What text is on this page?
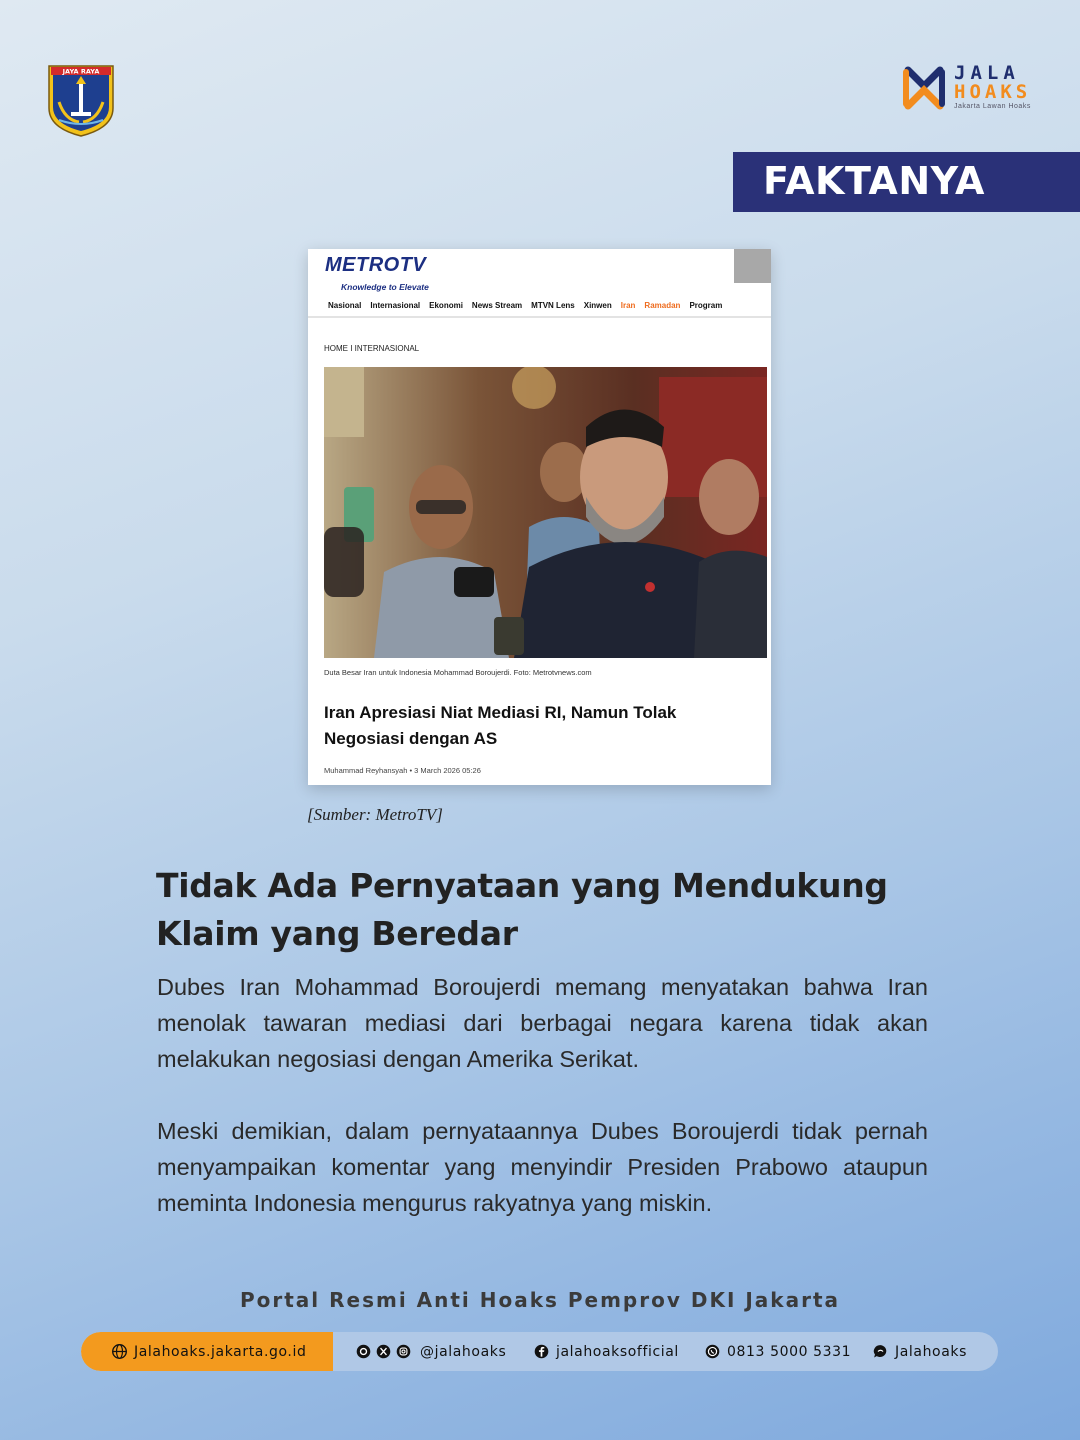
JAYA RAYA	JALA
HOAKS
Jakarta Lawan Hoaks
FAKTANYA
METROTV
Knowledge to Elevate
Nasional Internasional Ekonomi News Stream MTVN Lens Xinwen Iran Ramadan Program
HOME I INTERNASIONAL
Duta Besar Iran untuk Indonesia Mohammad Boroujerdi. Foto: Metrotvnews.com
Iran Apresiasi Niat Mediasi RI, Namun Tolak Negosiasi dengan AS
Muhammad Reyhansyah • 3 March 2026 05:26
[Sumber: MetroTV]
Tidak Ada Pernyataan yang Mendukung Klaim yang Beredar

Dubes Iran Mohammad Boroujerdi memang menyatakan bahwa Iran menolak tawaran mediasi dari berbagai negara karena tidak akan melakukan negosiasi dengan Amerika Serikat.

Meski demikian, dalam pernyataannya Dubes Boroujerdi tidak pernah menyampaikan komentar yang menyindir Presiden Prabowo ataupun meminta Indonesia mengurus rakyatnya yang miskin.

Portal Resmi Anti Hoaks Pemprov DKI Jakarta
Jalahoaks.jakarta.go.id	@jalahoaks	jalahoaksofficial	0813 5000 5331	Jalahoaks
